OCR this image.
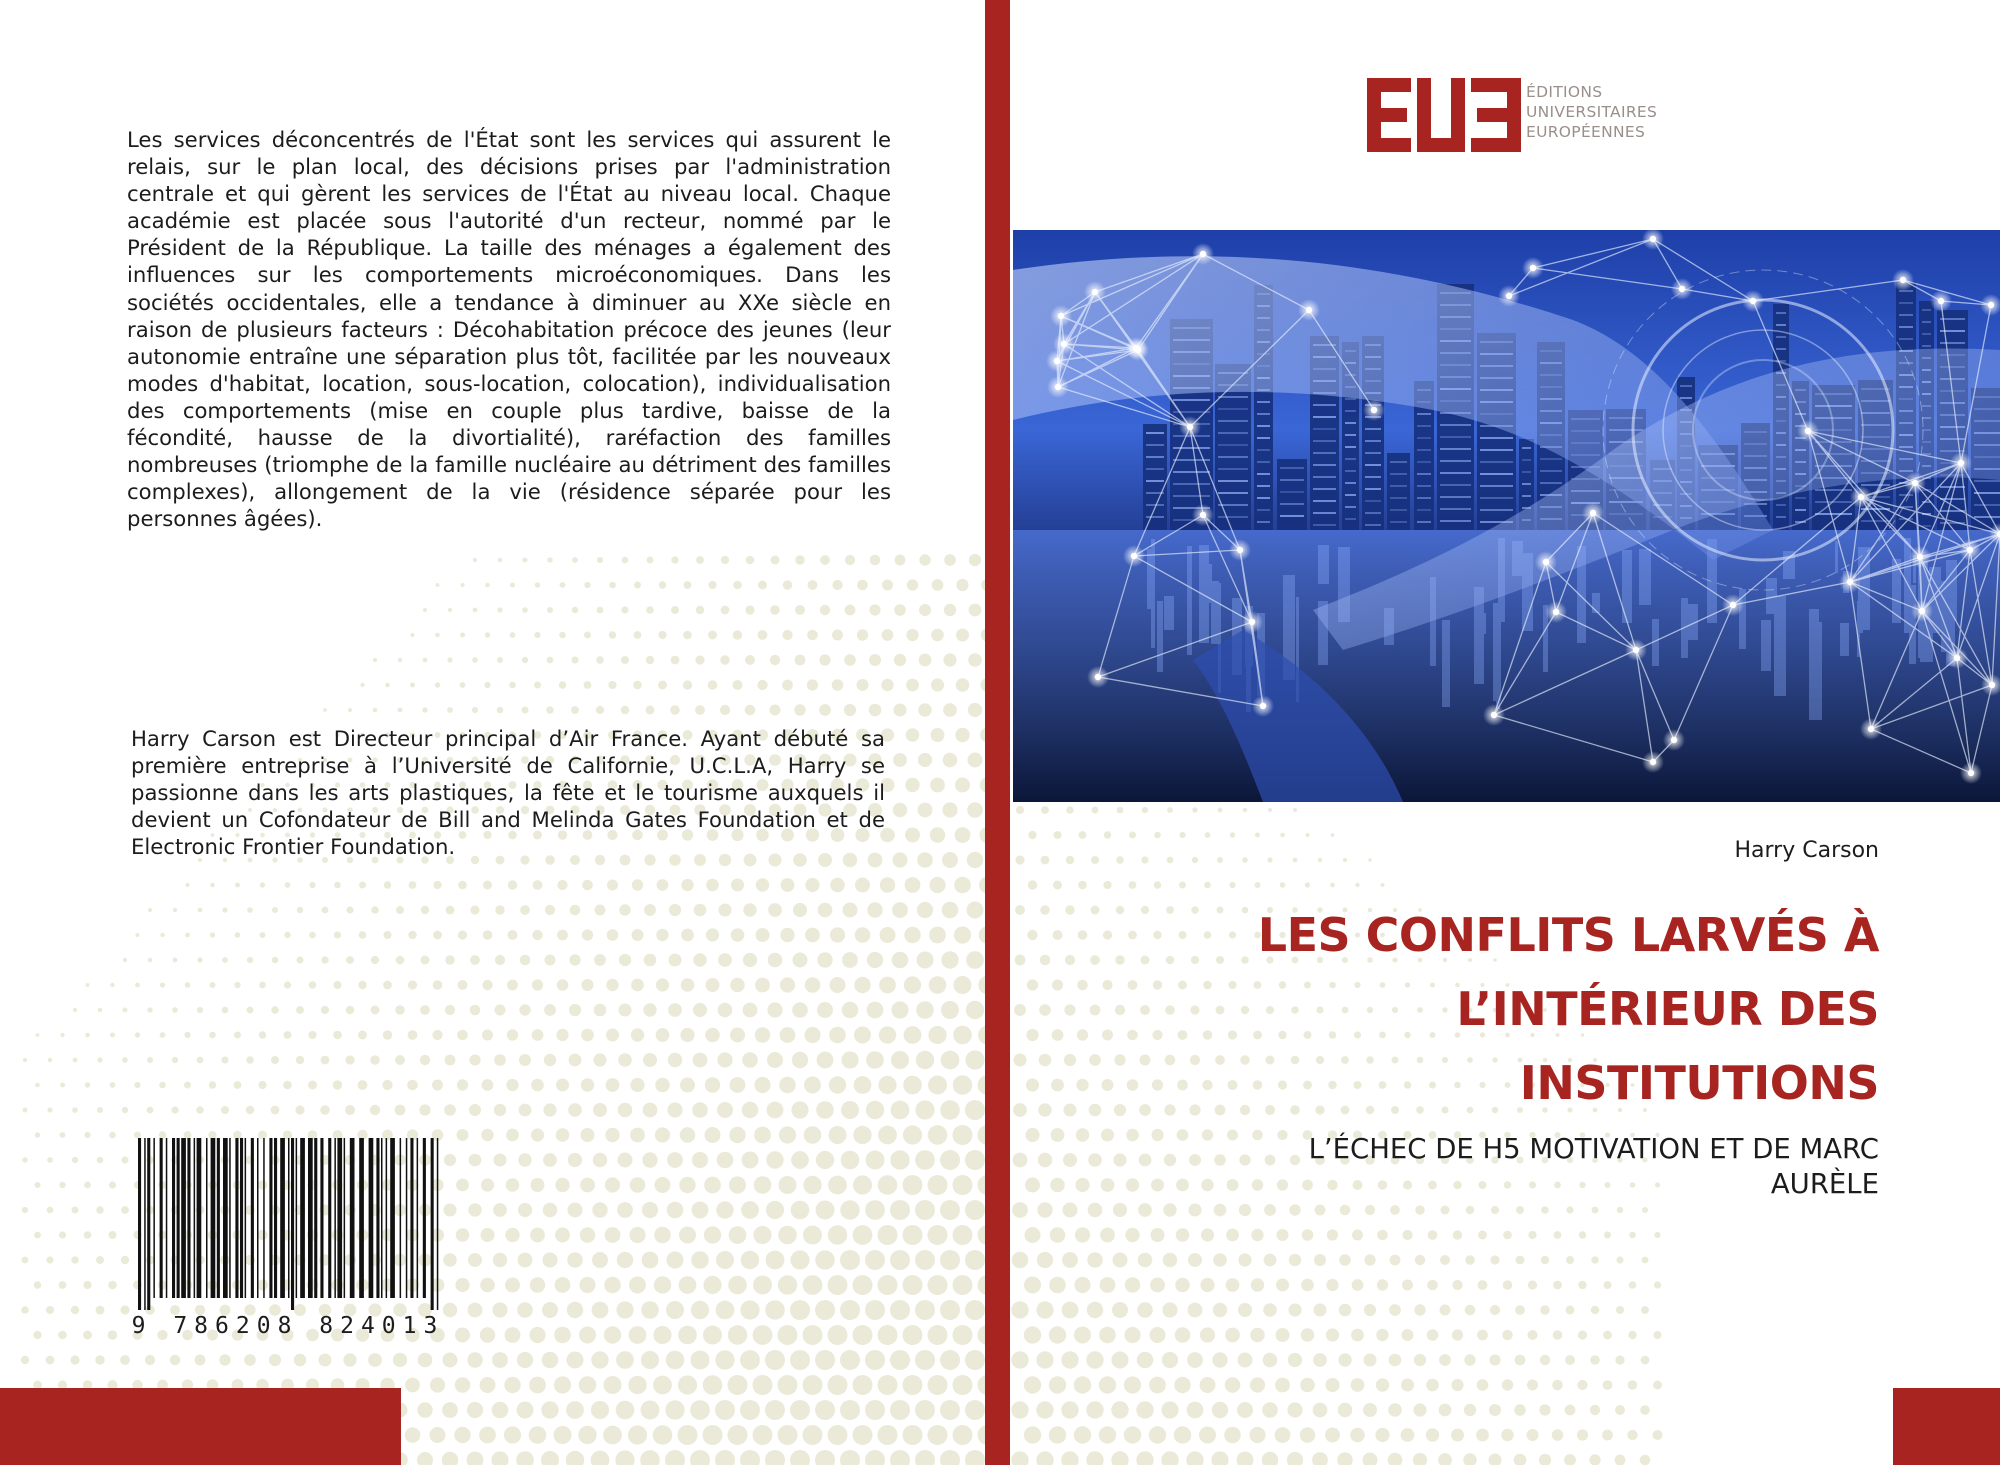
Les services déconcentrés de l'État sont les services qui assurent le relais, sur le plan local, des décisions prises par l'administration centrale et qui gèrent les services de l'État au niveau local. Chaque académie est placée sous l'autorité d'un recteur, nommé par le Président de la République. La taille des ménages a également des influences sur les comportements microéconomiques. Dans les sociétés occidentales, elle a tendance à diminuer au XXe siècle en raison de plusieurs facteurs : Décohabitation précoce des jeunes (leur autonomie entraîne une séparation plus tôt, facilitée par les nouveaux modes d'habitat, location, sous-location, colocation), individualisation des comportements (mise en couple plus tardive, baisse de la fécondité, hausse de la divortialité), raréfaction des familles nombreuses (triomphe de la famille nucléaire au détriment des familles complexes), allongement de la vie (résidence séparée pour les personnes âgées).
Harry Carson est Directeur principal d’Air France. Ayant débuté sa première entreprise à l’Université de Californie, U.C.L.A, Harry se passionne dans les arts plastiques, la fête et le tourisme auxquels il devient un Cofondateur de Bill and Melinda Gates Foundation et de Electronic Frontier Foundation.
9 786208 824013
ÉDITIONS
UNIVERSITAIRES
EUROPÉENNES
Harry Carson
LES CONFLITS LARVÉS À
L’INTÉRIEUR DES
INSTITUTIONS
L’ÉCHEC DE H5 MOTIVATION ET DE MARC
AURÈLE
